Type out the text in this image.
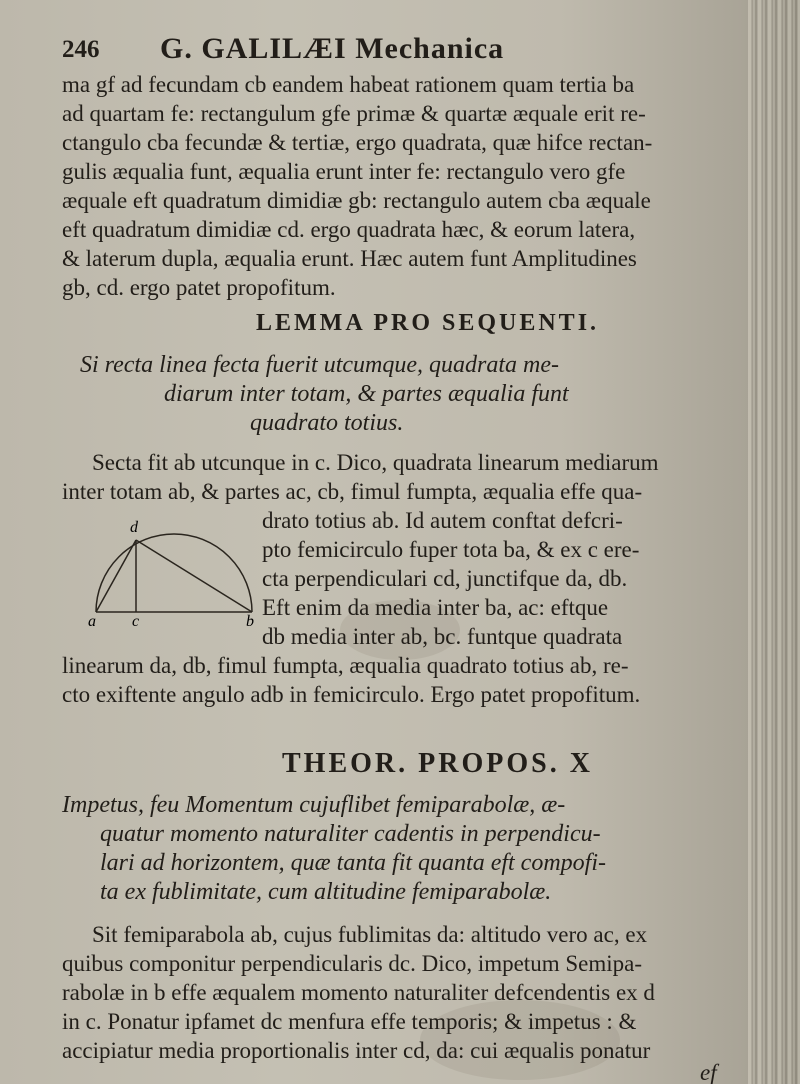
246 G. GALILÆI Mechanica
ma gf ad fecundam cb eandem habeat rationem quam tertia ba
ad quartam fe: rectangulum gfe primæ & quartæ æquale erit re-
ctangulo cba fecundæ & tertiæ, ergo quadrata, quæ hifce rectan-
gulis æqualia funt, æqualia erunt inter fe: rectangulo vero gfe
æquale eft quadratum dimidiæ gb: rectangulo autem cba æquale
eft quadratum dimidiæ cd. ergo quadrata hæc, & eorum latera,
& laterum dupla, æqualia erunt. Hæc autem funt Amplitudines
gb, cd. ergo patet propofitum.
LEMMA PRO SEQUENTI.
Si recta linea fecta fuerit utcumque, quadrata me-
diarum inter totam, & partes æqualia funt
quadrato totius.
Secta fit ab utcunque in c. Dico, quadrata linearum mediarum
inter totam ab, & partes ac, cb, fimul fumpta, æqualia effe qua-
drato totius ab. Id autem conftat defcri-
pto femicirculo fuper tota ba, & ex c ere-
cta perpendiculari cd, junctifque da, db.
Eft enim da media inter ba, ac: eftque
db media inter ab, bc. funtque quadrata
linearum da, db, fimul fumpta, æqualia quadrato totius ab, re-
cto exiftente angulo adb in femicirculo. Ergo patet propofitum.
d
a c	b
THEOR. PROPOS. X
Impetus, feu Momentum cujuflibet femiparabolæ, æ-
quatur momento naturaliter cadentis in perpendicu-
lari ad horizontem, quæ tanta fit quanta eft compofi-
ta ex fublimitate, cum altitudine femiparabolæ.
Sit femiparabola ab, cujus fublimitas da: altitudo vero ac, ex
quibus componitur perpendicularis dc. Dico, impetum Semipa-
rabolæ in b effe æqualem momento naturaliter defcendentis ex d
in c. Ponatur ipfamet dc menfura effe temporis; & impetus : &
accipiatur media proportionalis inter cd, da: cui æqualis ponatur
ef
